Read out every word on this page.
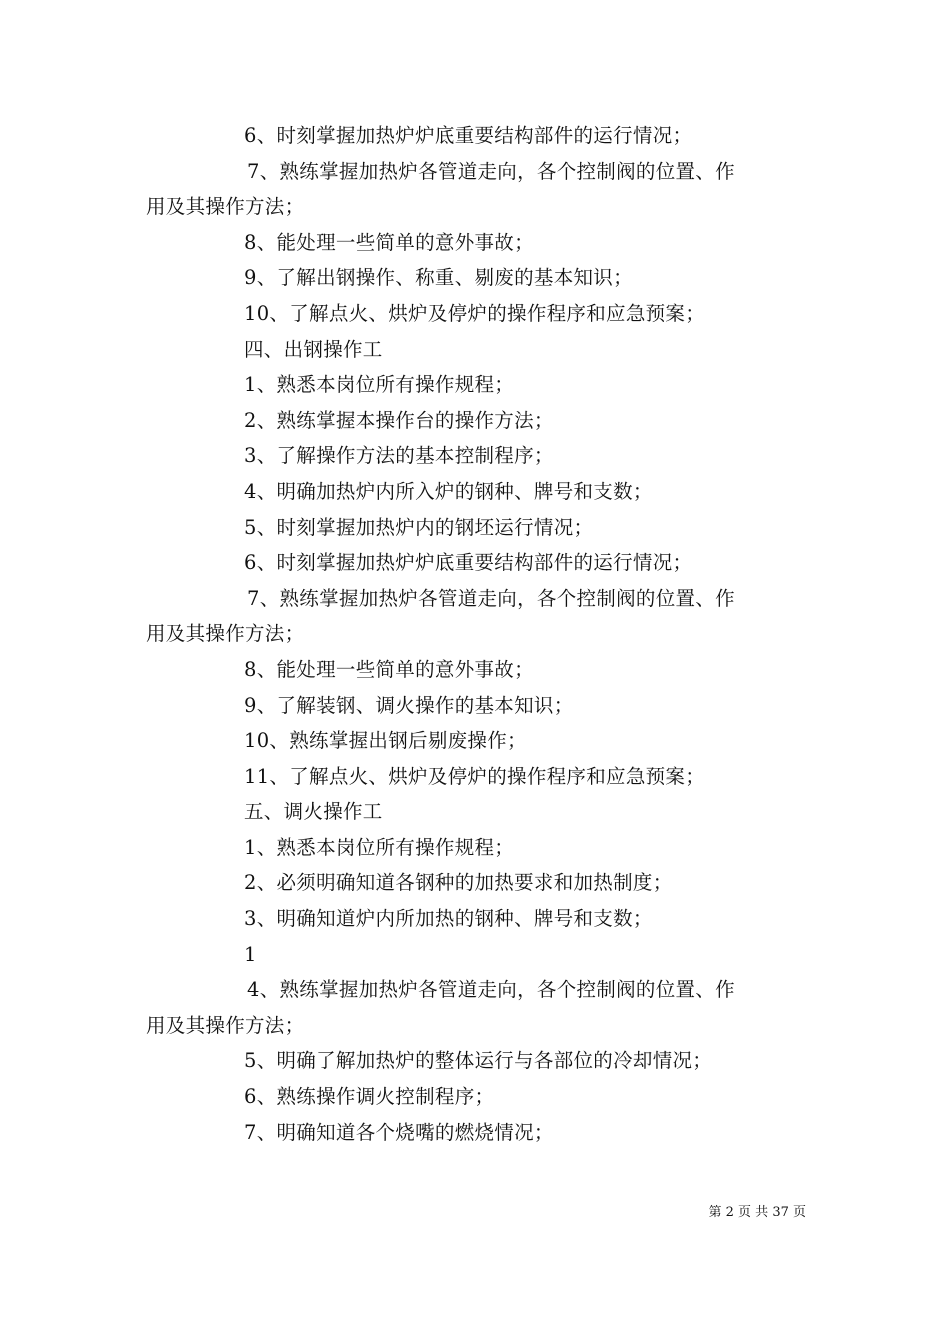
6、时刻掌握加热炉炉底重要结构部件的运行情况；
7、熟练掌握加热炉各管道走向，各个控制阀的位置、作
用及其操作方法；
8、能处理一些简单的意外事故；
9、了解出钢操作、称重、剔废的基本知识；
10、了解点火、烘炉及停炉的操作程序和应急预案；
四、出钢操作工
1、熟悉本岗位所有操作规程；
2、熟练掌握本操作台的操作方法；
3、了解操作方法的基本控制程序；
4、明确加热炉内所入炉的钢种、牌号和支数；
5、时刻掌握加热炉内的钢坯运行情况；
6、时刻掌握加热炉炉底重要结构部件的运行情况；
7、熟练掌握加热炉各管道走向，各个控制阀的位置、作
用及其操作方法；
8、能处理一些简单的意外事故；
9、了解装钢、调火操作的基本知识；
10、熟练掌握出钢后剔废操作；
11、了解点火、烘炉及停炉的操作程序和应急预案；
五、调火操作工
1、熟悉本岗位所有操作规程；
2、必须明确知道各钢种的加热要求和加热制度；
3、明确知道炉内所加热的钢种、牌号和支数；
1
4、熟练掌握加热炉各管道走向，各个控制阀的位置、作
用及其操作方法；
5、明确了解加热炉的整体运行与各部位的冷却情况；
6、熟练操作调火控制程序；
7、明确知道各个烧嘴的燃烧情况；
第 2 页 共 37 页
